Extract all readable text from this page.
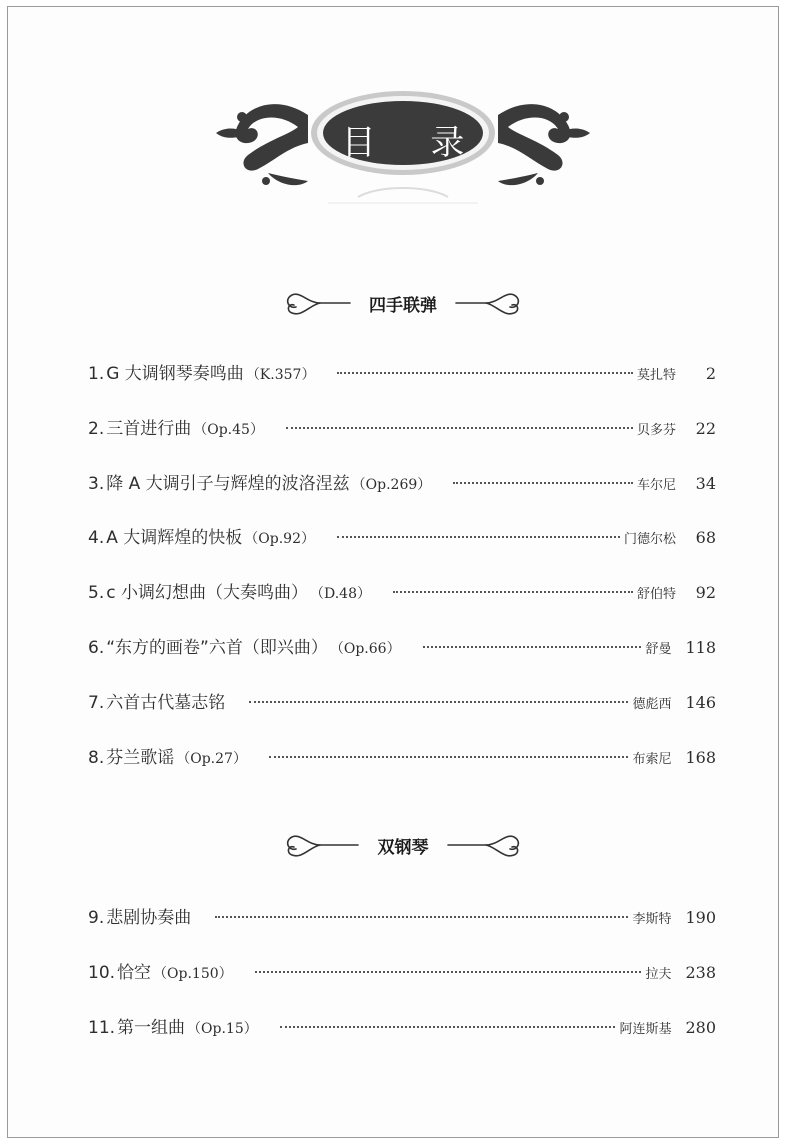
目 录
四手联弹
1. G 大调钢琴奏鸣曲 （K.357）	莫扎特	2
2. 三首进行曲 （Op.45）	贝多芬	22
3. 降 A 大调引子与辉煌的波洛涅兹 （Op.269）	车尔尼	34
4. A 大调辉煌的快板 （Op.92）	门德尔松	68
5. c 小调幻想曲（大奏鸣曲） （D.48）	舒伯特	92
6. “东方的画卷”六首（即兴曲） （Op.66）	舒曼 118
7. 六首古代墓志铭	德彪西 146
8. 芬兰歌谣 （Op.27）	布索尼 168
双钢琴
9. 悲剧协奏曲	李斯特 190
10. 恰空 （Op.150）	拉夫 238
11. 第一组曲 （Op.15）	阿连斯基 280
